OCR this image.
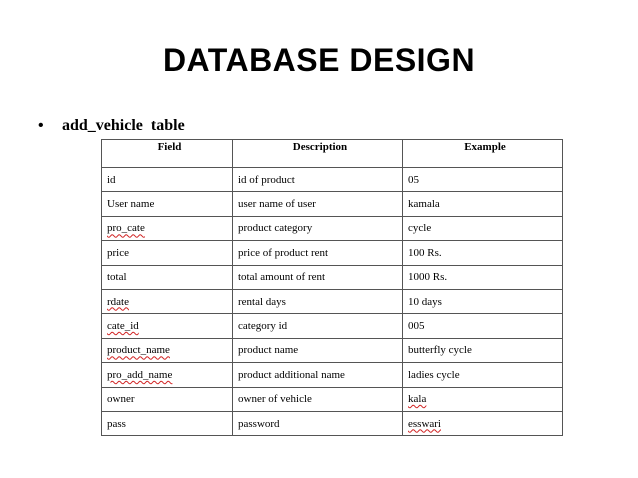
DATABASE DESIGN
•	add_vehicle  table
Field	Description	Example
id	id of product	05
User name	user name of user	kamala
pro_cate	product category	cycle
price	price of product rent	100 Rs.
total	total amount of rent	1000 Rs.
rdate	rental days	10 days
cate_id	category id	005
product_name	product name	butterfly cycle
pro_add_name	product additional name	ladies cycle
owner	owner of vehicle	kala
pass	password	esswari
